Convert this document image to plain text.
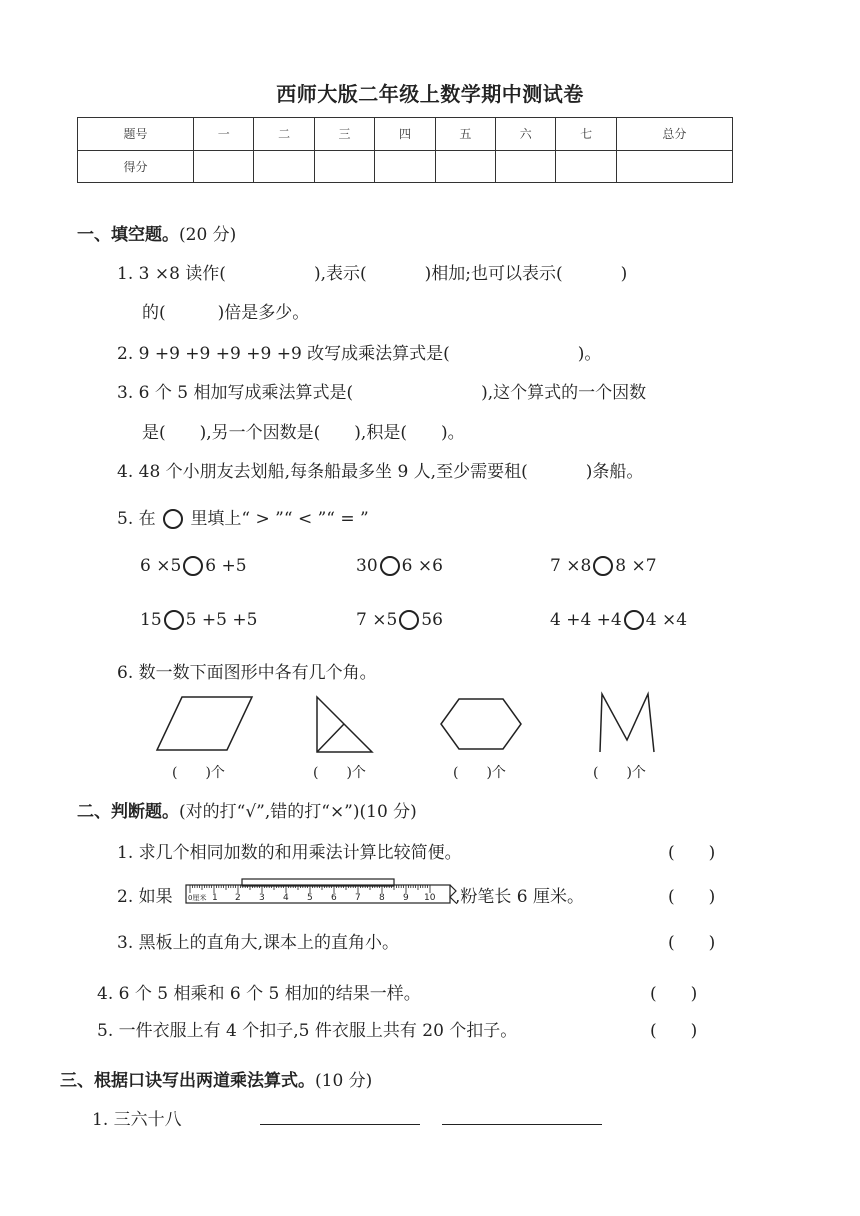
西师大版二年级上数学期中测试卷
题号	一	二	三	四	五	六	七	总分
得分								
一、填空题。(20 分)
1. 3 ×8 读作(	),表示(	)相加;也可以表示(	)
的(	)倍是多少。
2. 9 +9 +9 +9 +9 +9 改写成乘法算式是(	)。
3. 6 个 5 相加写成乘法算式是(	),这个算式的一个因数
是(　　),另一个因数是(　　),积是(　　)。
4. 48 个小朋友去划船,每条船最多坐 9 人,至少需要租(	)条船。
5. 在 里填上“ > ”“ < ”“ = ”
6 ×5 6 +5	30 6 ×6	7 ×8 8 ×7
15 5 +5 +5	7 ×5 56	4 +4 +4 4 ×4
6. 数一数下面图形中各有几个角。
(　　)个	(　　)个	(　　)个	(　　)个
二、判断题。(对的打“√”,错的打“×”)(10 分)
1. 求几个相同加数的和用乘法计算比较简便。	(　　)
2. 如果 0厘米 1 2 3 4 5 6 7 8 9 10 ,粉笔长 6 厘米。	(　　)
3. 黑板上的直角大,课本上的直角小。	(　　)
4. 6 个 5 相乘和 6 个 5 相加的结果一样。	(　　)
5. 一件衣服上有 4 个扣子,5 件衣服上共有 20 个扣子。	(　　)
三、根据口诀写出两道乘法算式。(10 分)
1. 三六十八
